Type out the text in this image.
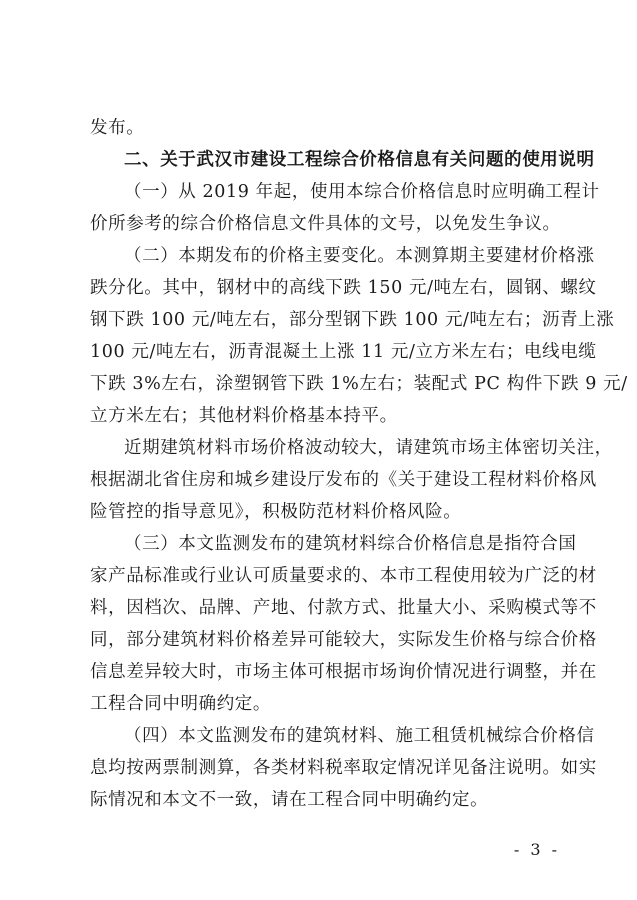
发布。
二、关于武汉市建设工程综合价格信息有关问题的使用说明
（一）从 2019 年起，使用本综合价格信息时应明确工程计
价所参考的综合价格信息文件具体的文号，以免发生争议。
（二）本期发布的价格主要变化。本测算期主要建材价格涨
跌分化。其中，钢材中的高线下跌 150 元/吨左右，圆钢、螺纹
钢下跌 100 元/吨左右，部分型钢下跌 100 元/吨左右；沥青上涨
100 元/吨左右，沥青混凝土上涨 11 元/立方米左右；电线电缆
下跌 3%左右，涂塑钢管下跌 1%左右；装配式 PC 构件下跌 9 元/
立方米左右；其他材料价格基本持平。
近期建筑材料市场价格波动较大，请建筑市场主体密切关注，
根据湖北省住房和城乡建设厅发布的《关于建设工程材料价格风
险管控的指导意见》，积极防范材料价格风险。
（三）本文监测发布的建筑材料综合价格信息是指符合国
家产品标准或行业认可质量要求的、本市工程使用较为广泛的材
料，因档次、品牌、产地、付款方式、批量大小、采购模式等不
同，部分建筑材料价格差异可能较大，实际发生价格与综合价格
信息差异较大时，市场主体可根据市场询价情况进行调整，并在
工程合同中明确约定。
（四）本文监测发布的建筑材料、施工租赁机械综合价格信
息均按两票制测算，各类材料税率取定情况详见备注说明。如实
际情况和本文不一致，请在工程合同中明确约定。
- 3 -
